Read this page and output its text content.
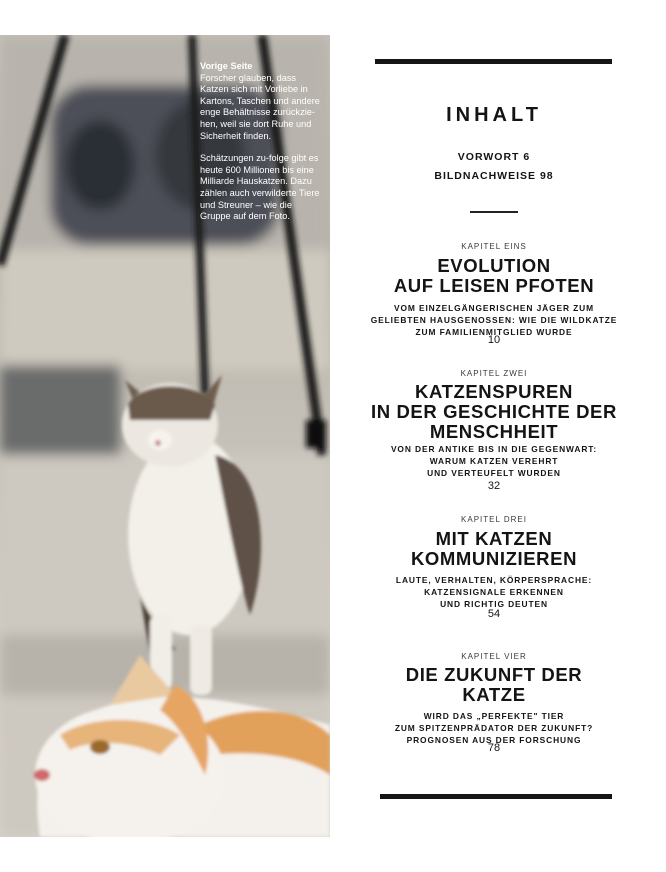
Vorige Seite
Forscher glauben, dass Katzen sich mit Vorliebe in Kartons, Taschen und andere enge Behältnisse zurückzie-hen, weil sie dort Ruhe und Sicherheit finden.

Schätzungen zu-folge gibt es heute 600 Millionen bis eine Milliarde Hauskatzen. Dazu zählen auch verwilderte Tiere und Streuner – wie die Gruppe auf dem Foto.

INHALT
VORWORT 6
BILDNACHWEISE 98
KAPITEL EINS
EVOLUTION
AUF LEISEN PFOTEN
VOM EINZELGÄNGERISCHEN JÄGER ZUM
GELIEBTEN HAUSGENOSSEN: WIE DIE WILDKATZE
ZUM FAMILIENMITGLIED WURDE
10
KAPITEL ZWEI
KATZENSPUREN
IN DER GESCHICHTE DER
MENSCHHEIT
VON DER ANTIKE BIS IN DIE GEGENWART:
WARUM KATZEN VEREHRT
UND VERTEUFELT WURDEN
32
KAPITEL DREI
MIT KATZEN
KOMMUNIZIEREN
LAUTE, VERHALTEN, KÖRPERSPRACHE:
KATZENSIGNALE ERKENNEN
UND RICHTIG DEUTEN
54
KAPITEL VIER
DIE ZUKUNFT DER
KATZE
WIRD DAS „PERFEKTE" TIER
ZUM SPITZENPRÄDATOR DER ZUKUNFT?
PROGNOSEN AUS DER FORSCHUNG
78
